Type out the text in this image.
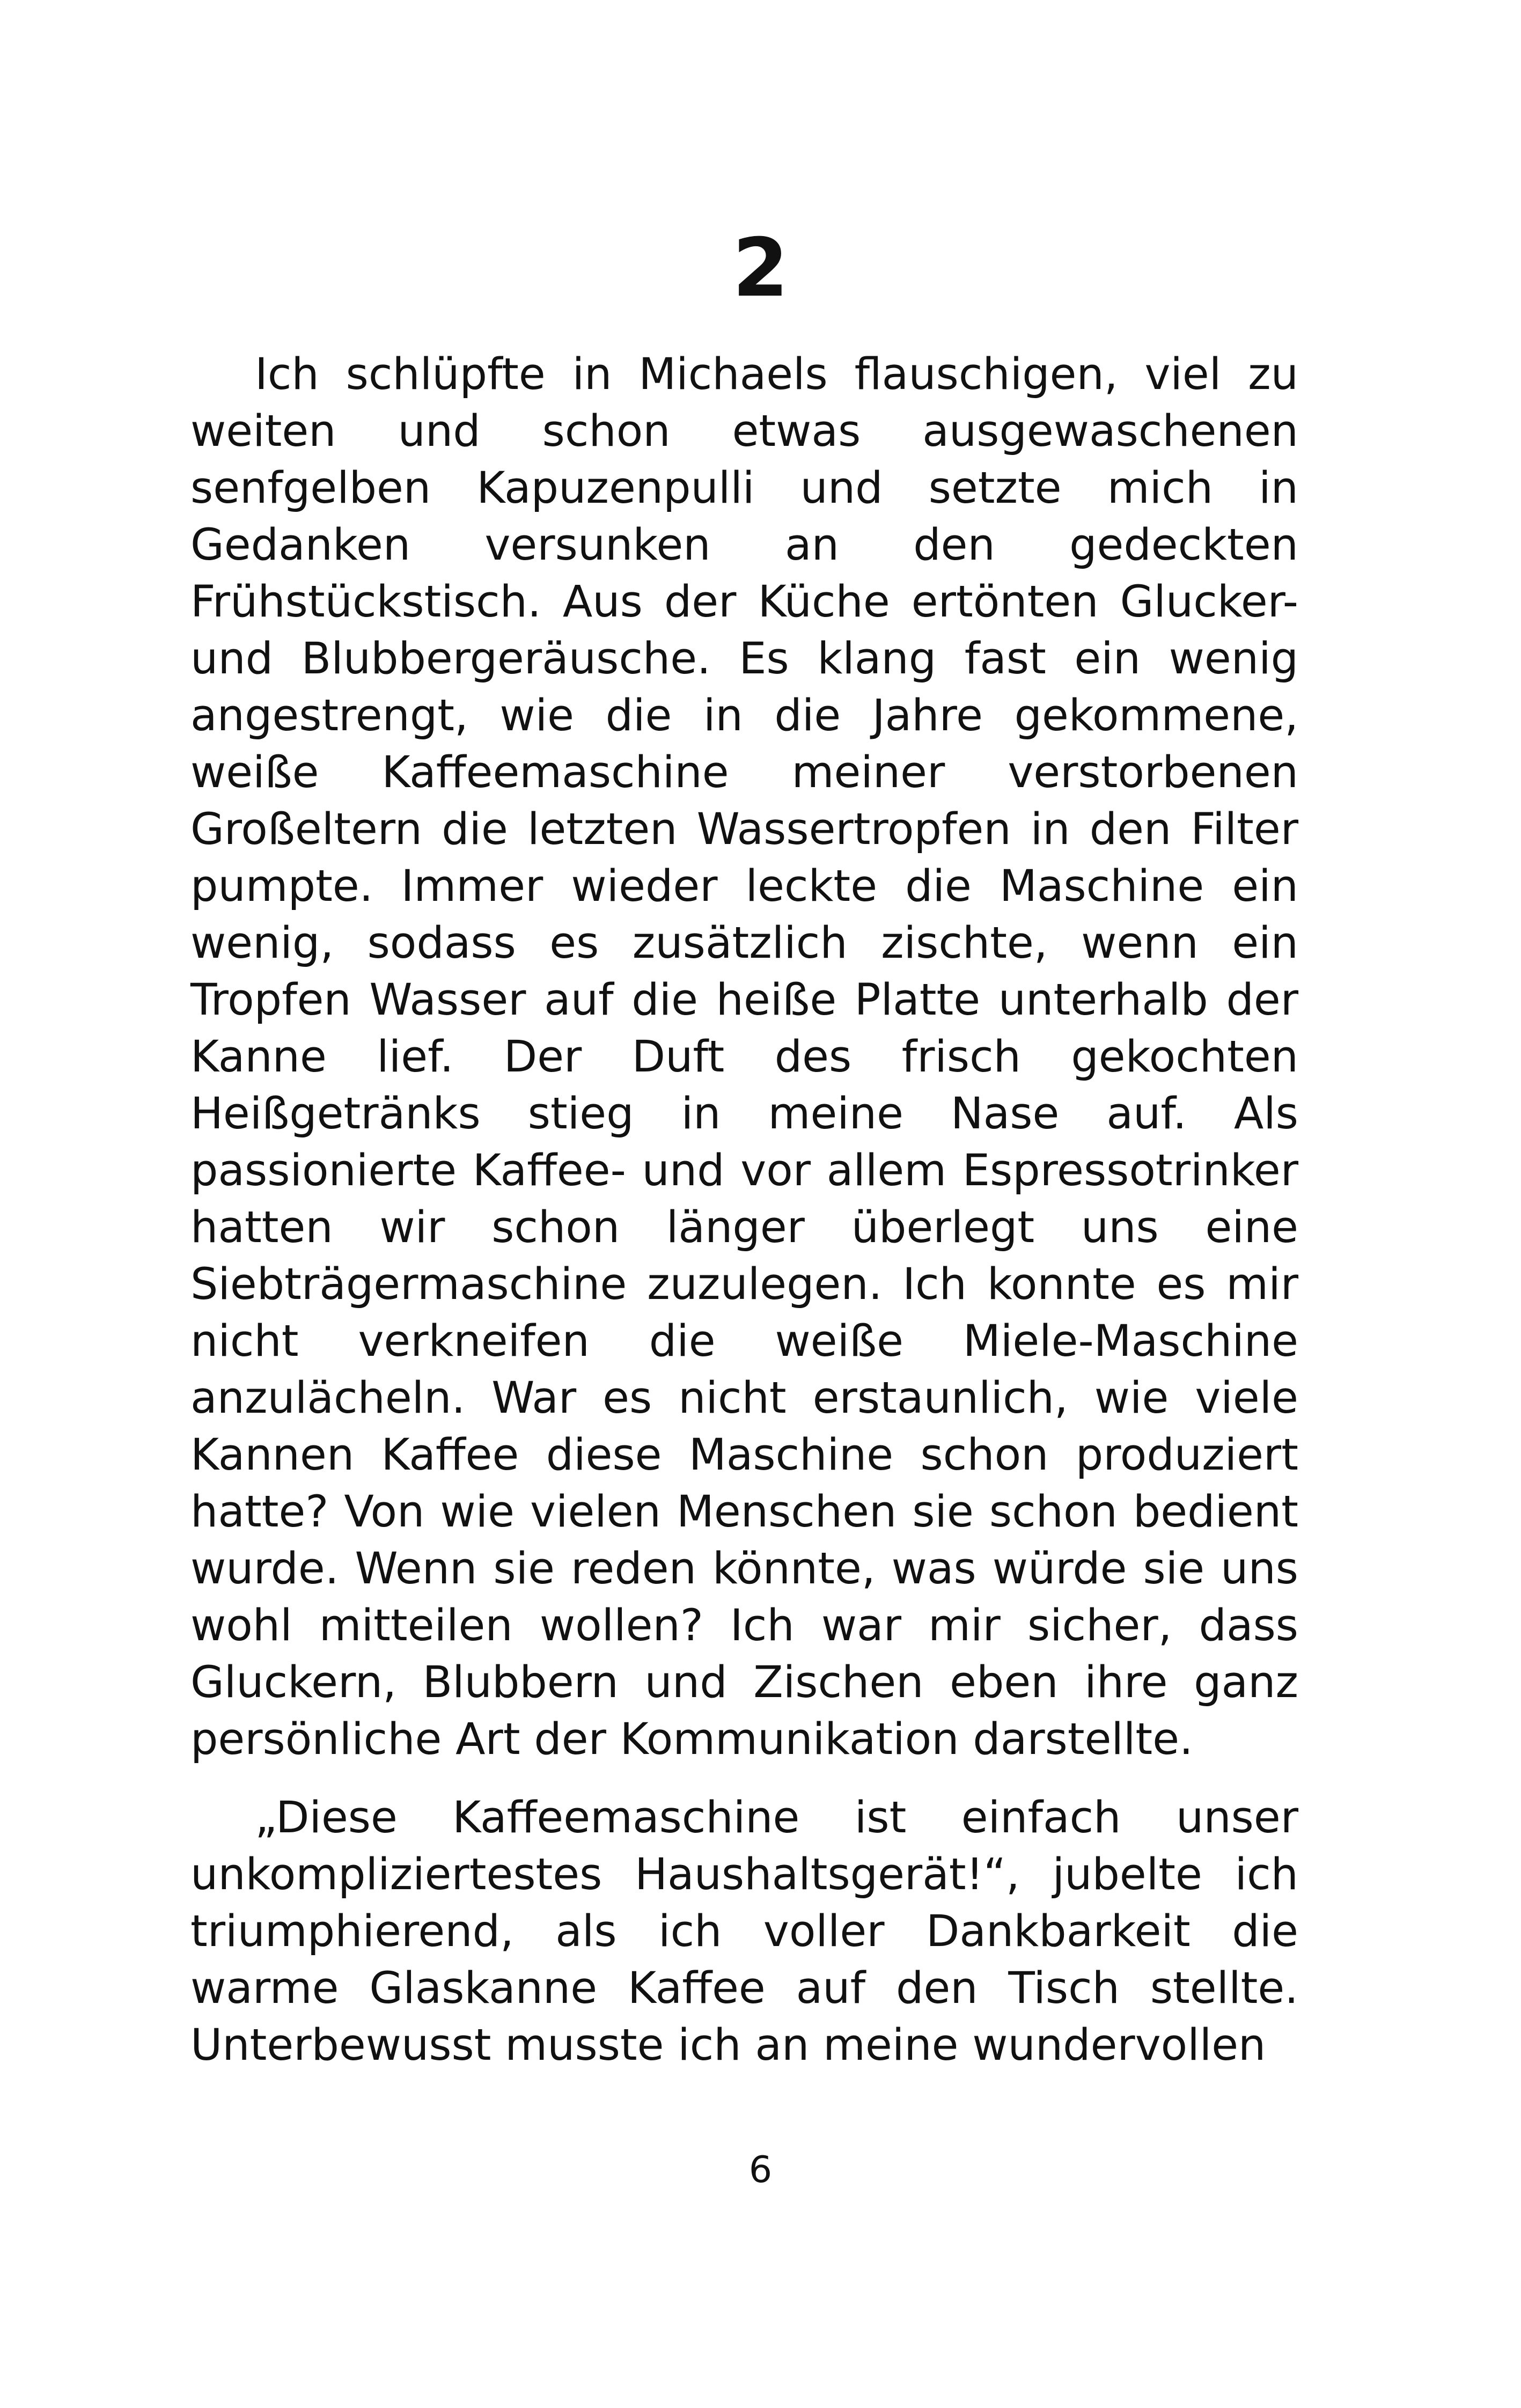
2

Ich schlüpfte in Michaels flauschigen, viel zu weiten und schon etwas ausgewaschenen senfgelben Kapuzenpulli und setzte mich in Gedanken versunken an den gedeckten Frühstückstisch. Aus der Küche ertönten Glucker- und Blubbergeräusche. Es klang fast ein wenig angestrengt, wie die in die Jahre gekommene, weiße Kaffeemaschine meiner verstorbenen Großeltern die letzten Wassertropfen in den Filter pumpte. Immer wieder leckte die Maschine ein wenig, sodass es zusätzlich zischte, wenn ein Tropfen Wasser auf die heiße Platte unterhalb der Kanne lief. Der Duft des frisch gekochten Heißgetränks stieg in meine Nase auf. Als passionierte Kaffee- und vor allem Espressotrinker hatten wir schon länger überlegt uns eine Siebträgermaschine zuzulegen. Ich konnte es mir nicht verkneifen die weiße Miele-Maschine anzulächeln. War es nicht erstaunlich, wie viele Kannen Kaffee diese Maschine schon produziert hatte? Von wie vielen Menschen sie schon bedient wurde. Wenn sie reden könnte, was würde sie uns wohl mitteilen wollen? Ich war mir sicher, dass Gluckern, Blubbern und Zischen eben ihre ganz persönliche Art der Kommunikation darstellte.

„Diese Kaffeemaschine ist einfach unser unkompliziertestes Haushaltsgerät!“, jubelte ich triumphierend, als ich voller Dankbarkeit die warme Glaskanne Kaffee auf den Tisch stellte. Unterbewusst musste ich an meine wundervollen

6
